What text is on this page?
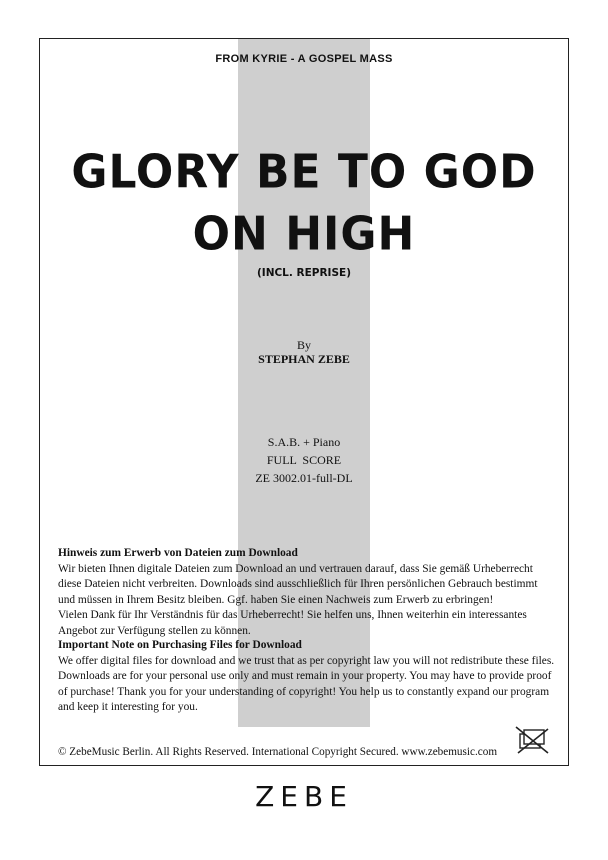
FROM KYRIE - A GOSPEL MASS
GLORY BE TO GOD
ON HIGH
(INCL. REPRISE)
By
STEPHAN ZEBE
S.A.B. + Piano
FULL  SCORE
ZE 3002.01-full-DL
Hinweis zum Erwerb von Dateien zum Download
Wir bieten Ihnen digitale Dateien zum Download an und vertrauen darauf, dass Sie gemäß Urheberrecht
diese Dateien nicht verbreiten. Downloads sind ausschließlich für Ihren persönlichen Gebrauch bestimmt
und müssen in Ihrem Besitz bleiben. Ggf. haben Sie einen Nachweis zum Erwerb zu erbringen!
Vielen Dank für Ihr Verständnis für das Urheberrecht! Sie helfen uns, Ihnen weiterhin ein interessantes
Angebot zur Verfügung stellen zu können.
Important Note on Purchasing Files for Download
We offer digital files for download and we trust that as per copyright law you will not redistribute these files.
Downloads are for your personal use only and must remain in your property. You may have to provide proof
of purchase! Thank you for your understanding of copyright! You help us to constantly expand our program
and keep it interesting for you.
© ZebeMusic Berlin. All Rights Reserved. International Copyright Secured. www.zebemusic.com
ZEBE
